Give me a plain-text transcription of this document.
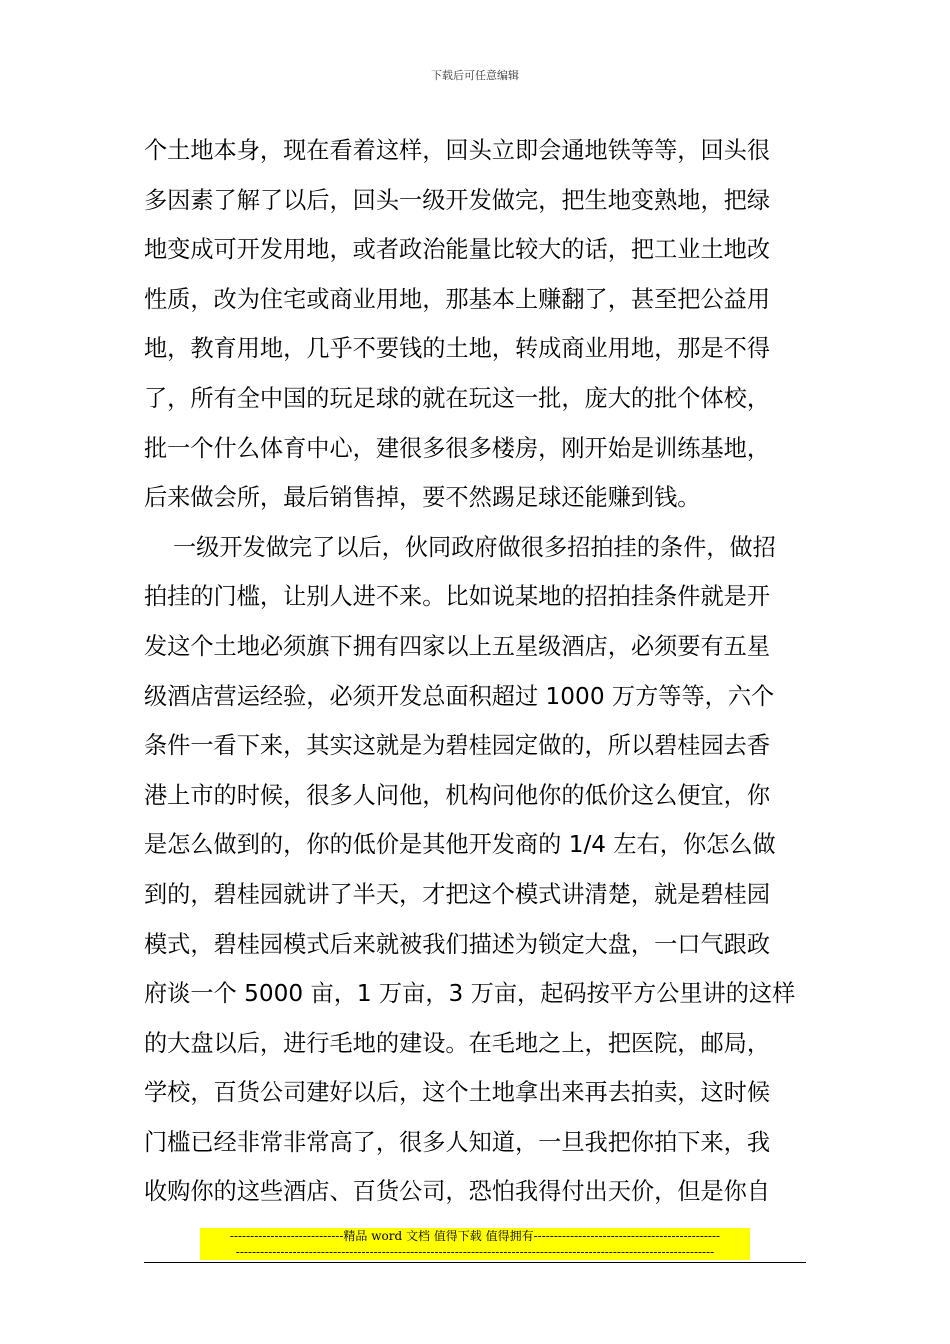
下载后可任意编辑
个土地本身，现在看着这样，回头立即会通地铁等等，回头很
多因素了解了以后，回头一级开发做完，把生地变熟地，把绿
地变成可开发用地，或者政治能量比较大的话，把工业土地改
性质，改为住宅或商业用地，那基本上赚翻了，甚至把公益用
地，教育用地，几乎不要钱的土地，转成商业用地，那是不得
了，所有全中国的玩足球的就在玩这一批，庞大的批个体校，
批一个什么体育中心，建很多很多楼房，刚开始是训练基地，
后来做会所，最后销售掉，要不然踢足球还能赚到钱。
一级开发做完了以后，伙同政府做很多招拍挂的条件，做招
拍挂的门槛，让别人进不来。比如说某地的招拍挂条件就是开
发这个土地必须旗下拥有四家以上五星级酒店，必须要有五星
级酒店营运经验，必须开发总面积超过 1000 万方等等，六个
条件一看下来，其实这就是为碧桂园定做的，所以碧桂园去香
港上市的时候，很多人问他，机构问他你的低价这么便宜，你
是怎么做到的，你的低价是其他开发商的 1/4 左右，你怎么做
到的，碧桂园就讲了半天，才把这个模式讲清楚，就是碧桂园
模式，碧桂园模式后来就被我们描述为锁定大盘，一口气跟政
府谈一个 5000 亩，1 万亩，3 万亩，起码按平方公里讲的这样
的大盘以后，进行毛地的建设。在毛地之上，把医院，邮局，
学校，百货公司建好以后，这个土地拿出来再去拍卖，这时候
门槛已经非常非常高了，很多人知道，一旦我把你拍下来，我
收购你的这些酒店、百货公司，恐怕我得付出天价，但是你自
----------------------------精品 word 文档 值得下载 值得拥有----------------------------------------------
----------------------------------------------------------------------------------------------------------------------
